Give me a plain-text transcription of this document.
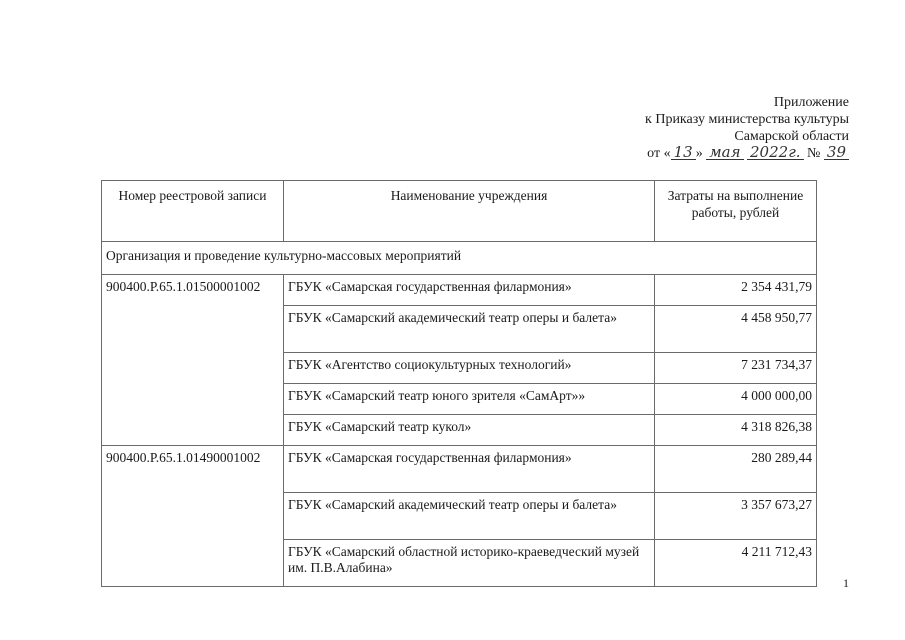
Приложение
к Приказу министерства культуры
Самарской области
от « 13 » мая 2022г. № 39
Номер реестровой записи	Наименование учреждения	Затраты на выполнение работы, рублей
Организация и проведение культурно-массовых мероприятий		
900400.Р.65.1.01500001002	ГБУК «Самарская государственная филармония»	2 354 431,79
	ГБУК «Самарский академический театр оперы и балета»	4 458 950,77
	ГБУК «Агентство социокультурных технологий»	7 231 734,37
	ГБУК «Самарский театр юного зрителя «СамАрт»»	4 000 000,00
	ГБУК «Самарский театр кукол»	4 318 826,38
900400.Р.65.1.01490001002	ГБУК «Самарская государственная филармония»	280 289,44
	ГБУК «Самарский академический театр оперы и балета»	3 357 673,27
	ГБУК «Самарский областной историко-краеведческий музей им. П.В.Алабина»	4 211 712,43
1
